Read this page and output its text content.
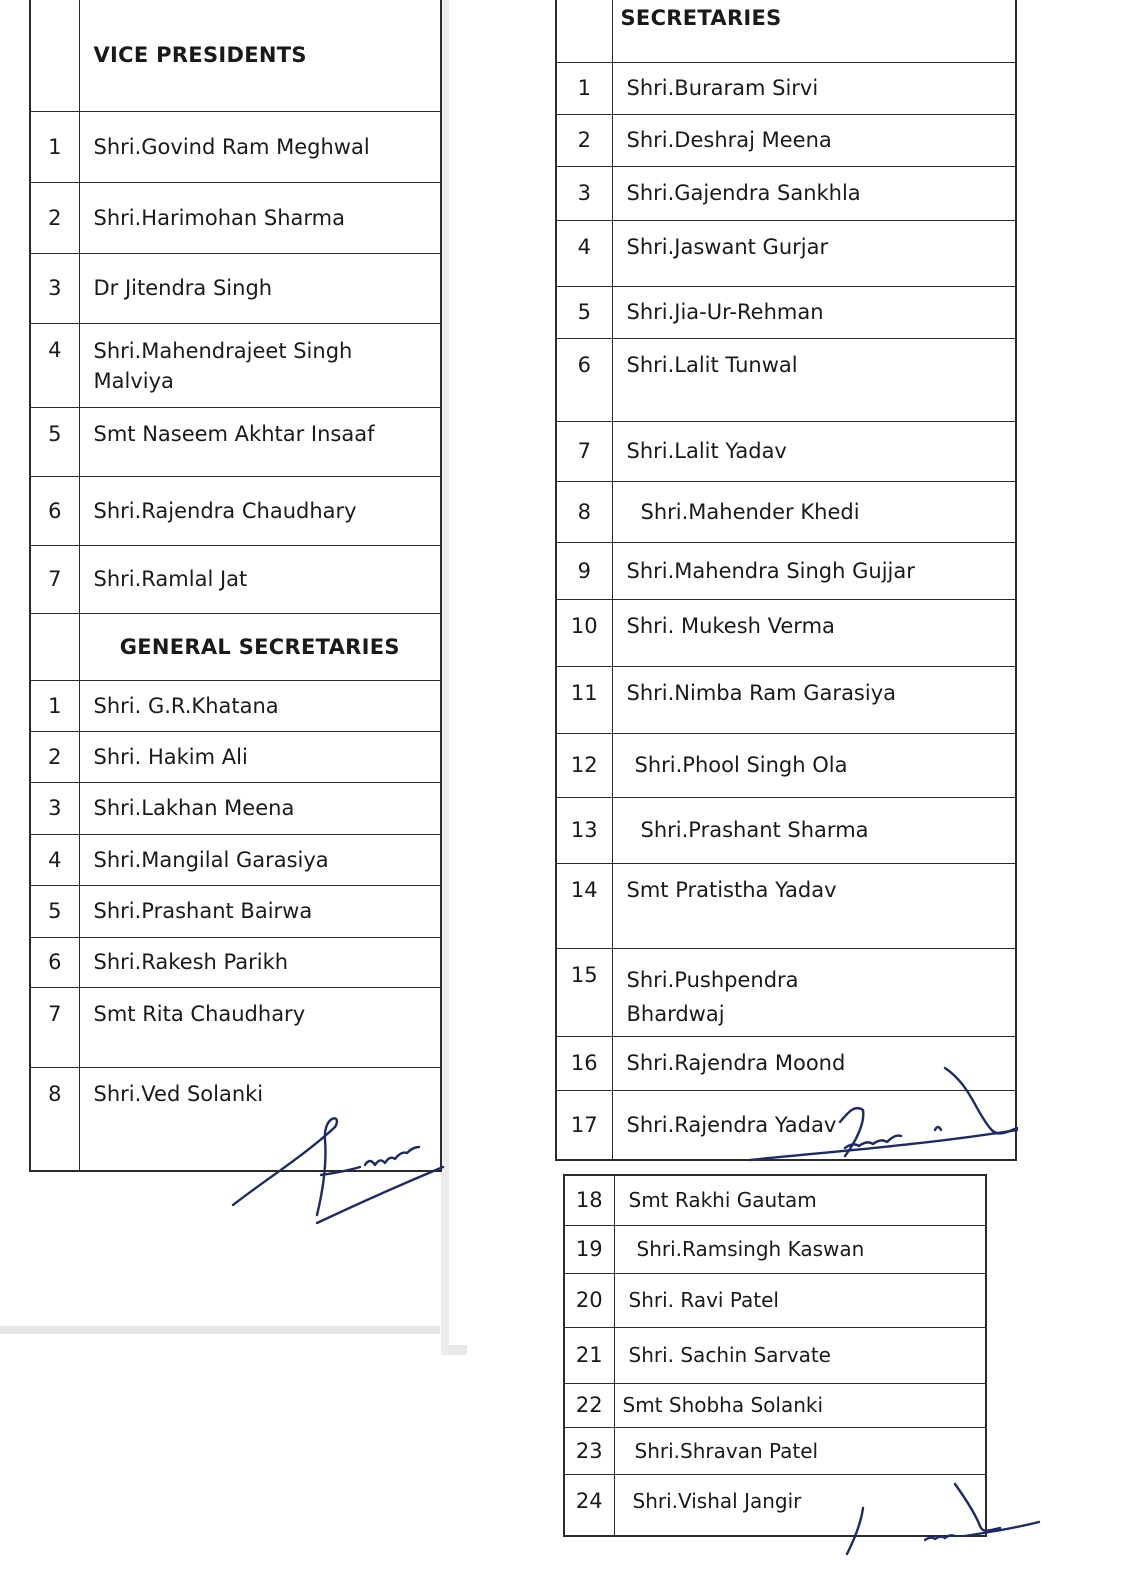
	VICE PRESIDENTS
1	Shri.Govind Ram Meghwal
2	Shri.Harimohan Sharma
3	Dr Jitendra Singh
4	Shri.Mahendrajeet Singh Malviya
5	Smt Naseem Akhtar Insaaf
6	Shri.Rajendra Chaudhary
7	Shri.Ramlal Jat
	GENERAL SECRETARIES
1	Shri. G.R.Khatana
2	Shri. Hakim Ali
3	Shri.Lakhan Meena
4	Shri.Mangilal Garasiya
5	Shri.Prashant Bairwa
6	Shri.Rakesh Parikh
7	Smt Rita Chaudhary
8	Shri.Ved Solanki
	SECRETARIES
1	Shri.Buraram Sirvi
2	Shri.Deshraj Meena
3	Shri.Gajendra Sankhla
4	Shri.Jaswant Gurjar
5	Shri.Jia-Ur-Rehman
6	Shri.Lalit Tunwal
7	Shri.Lalit Yadav
8	Shri.Mahender Khedi
9	Shri.Mahendra Singh Gujjar
10	Shri. Mukesh Verma
11	Shri.Nimba Ram Garasiya
12	Shri.Phool Singh Ola
13	Shri.Prashant Sharma
14	Smt Pratistha Yadav
15	Shri.Pushpendra Bhardwaj
16	Shri.Rajendra Moond
17	Shri.Rajendra Yadav
18	Smt Rakhi Gautam
19	Shri.Ramsingh Kaswan
20	Shri. Ravi Patel
21	Shri. Sachin Sarvate
22	Smt Shobha Solanki
23	Shri.Shravan Patel
24	Shri.Vishal Jangir
